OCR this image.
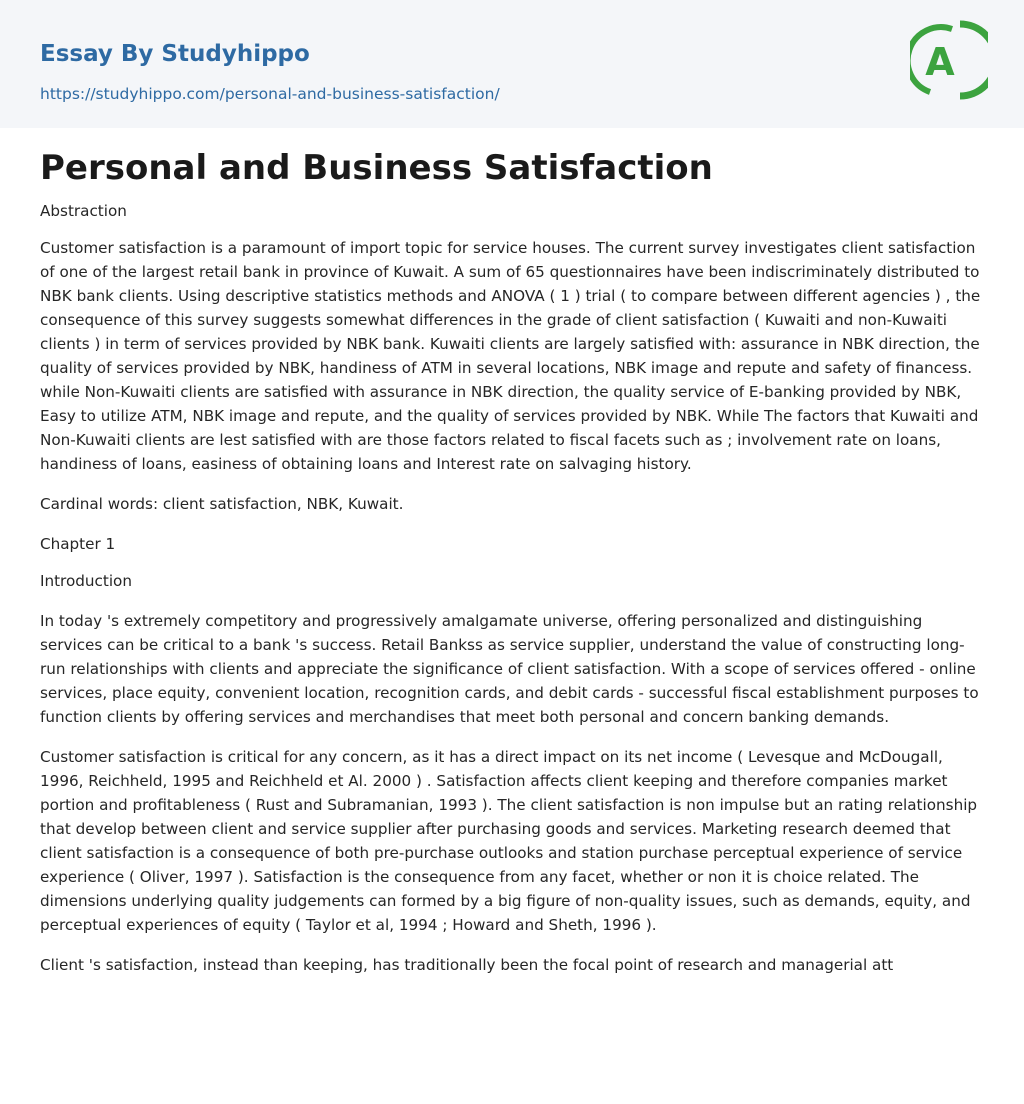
Essay By Studyhippo
https://studyhippo.com/personal-and-business-satisfaction/
A
Personal and Business Satisfaction

Abstraction

Customer satisfaction is a paramount of import topic for service houses. The current survey investigates client satisfaction of one of the largest retail bank in province of Kuwait. A sum of 65 questionnaires have been indiscriminately distributed to NBK bank clients. Using descriptive statistics methods and ANOVA ( 1 ) trial ( to compare between different agencies ) , the consequence of this survey suggests somewhat differences in the grade of client satisfaction ( Kuwaiti and non-Kuwaiti clients ) in term of services provided by NBK bank. Kuwaiti clients are largely satisfied with: assurance in NBK direction, the quality of services provided by NBK, handiness of ATM in several locations, NBK image and repute and safety of financess. while Non-Kuwaiti clients are satisfied with assurance in NBK direction, the quality service of E-banking provided by NBK, Easy to utilize ATM, NBK image and repute, and the quality of services provided by NBK. While The factors that Kuwaiti and Non-Kuwaiti clients are lest satisfied with are those factors related to fiscal facets such as ; involvement rate on loans, handiness of loans, easiness of obtaining loans and Interest rate on salvaging history.

Cardinal words: client satisfaction, NBK, Kuwait.

Chapter 1

Introduction

In today 's extremely competitory and progressively amalgamate universe, offering personalized and distinguishing services can be critical to a bank 's success. Retail Bankss as service supplier, understand the value of constructing long-run relationships with clients and appreciate the significance of client satisfaction. With a scope of services offered - online services, place equity, convenient location, recognition cards, and debit cards - successful fiscal establishment purposes to function clients by offering services and merchandises that meet both personal and concern banking demands.

Customer satisfaction is critical for any concern, as it has a direct impact on its net income ( Levesque and McDougall, 1996, Reichheld, 1995 and Reichheld et Al. 2000 ) . Satisfaction affects client keeping and therefore companies market portion and profitableness ( Rust and Subramanian, 1993 ). The client satisfaction is non impulse but an rating relationship that develop between client and service supplier after purchasing goods and services. Marketing research deemed that client satisfaction is a consequence of both pre-purchase outlooks and station purchase perceptual experience of service experience ( Oliver, 1997 ). Satisfaction is the consequence from any facet, whether or non it is choice related. The dimensions underlying quality judgements can formed by a big figure of non-quality issues, such as demands, equity, and perceptual experiences of equity ( Taylor et al, 1994 ; Howard and Sheth, 1996 ).

Client 's satisfaction, instead than keeping, has traditionally been the focal point of research and managerial att
